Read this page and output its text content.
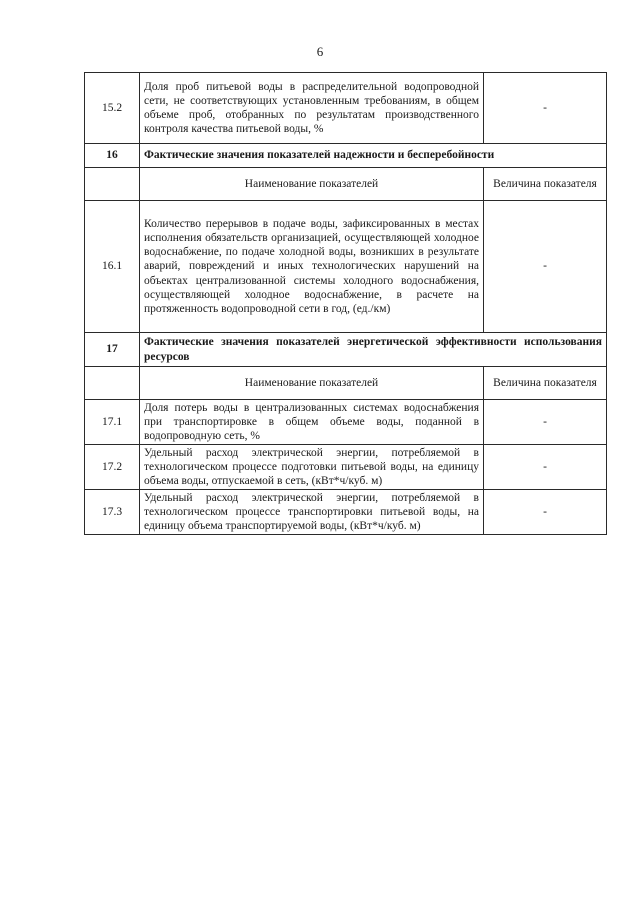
6
15.2	Доля проб питьевой воды в распределительной водопроводной сети, не соответствующих установленным требованиям, в общем объеме проб, отобранных по результатам производственного контроля качества питьевой воды, %	-
16	Фактические значения показателей надежности и бесперебойности	
	Наименование показателей	Величина показателя
16.1	Количество перерывов в подаче воды, зафиксированных в местах исполнения обязательств организацией, осуществляющей холодное водоснабжение, по подаче холодной воды, возникших в результате аварий, повреждений и иных технологических нарушений на объектах централизованной системы холодного водоснабжения, осуществляющей холодное водоснабжение, в расчете на протяженность водопроводной сети в год, (ед./км)	-
17	Фактические значения показателей энергетической эффективности использования ресурсов	
	Наименование показателей	Величина показателя
17.1	Доля потерь воды в централизованных системах водоснабжения при транспортировке в общем объеме воды, поданной в водопроводную сеть, %	-
17.2	Удельный расход электрической энергии, потребляемой в технологическом процессе подготовки питьевой воды, на единицу объема воды, отпускаемой в сеть, (кВт*ч/куб. м)	-
17.3	Удельный расход электрической энергии, потребляемой в технологическом процессе транспортировки питьевой воды, на единицу объема транспортируемой воды, (кВт*ч/куб. м)	-
